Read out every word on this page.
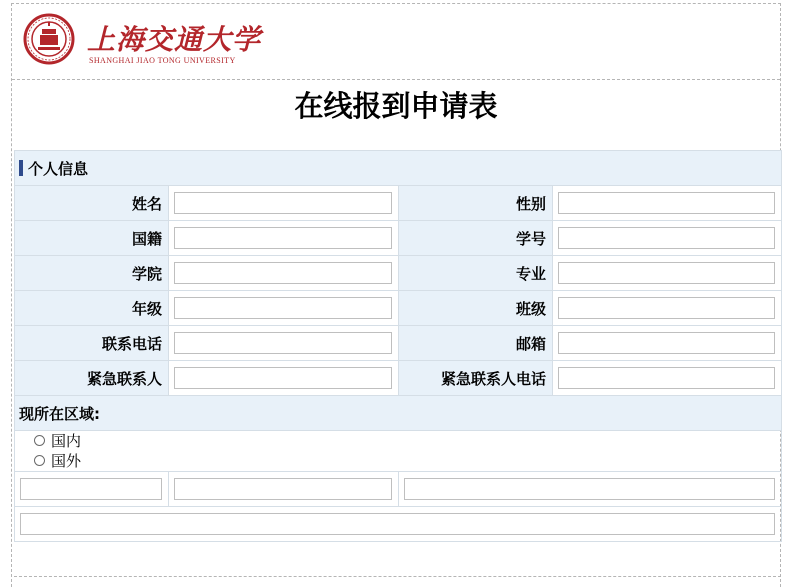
上海交通大学
SHANGHAI JIAO TONG UNIVERSITY
在线报到申请表
个人信息			
姓名		性别	

国籍		学号	

学院		专业	

年级		班级	

联系电话		邮箱	

紧急联系人		紧急联系人电话	

现所在区域:			

国内
国外			
